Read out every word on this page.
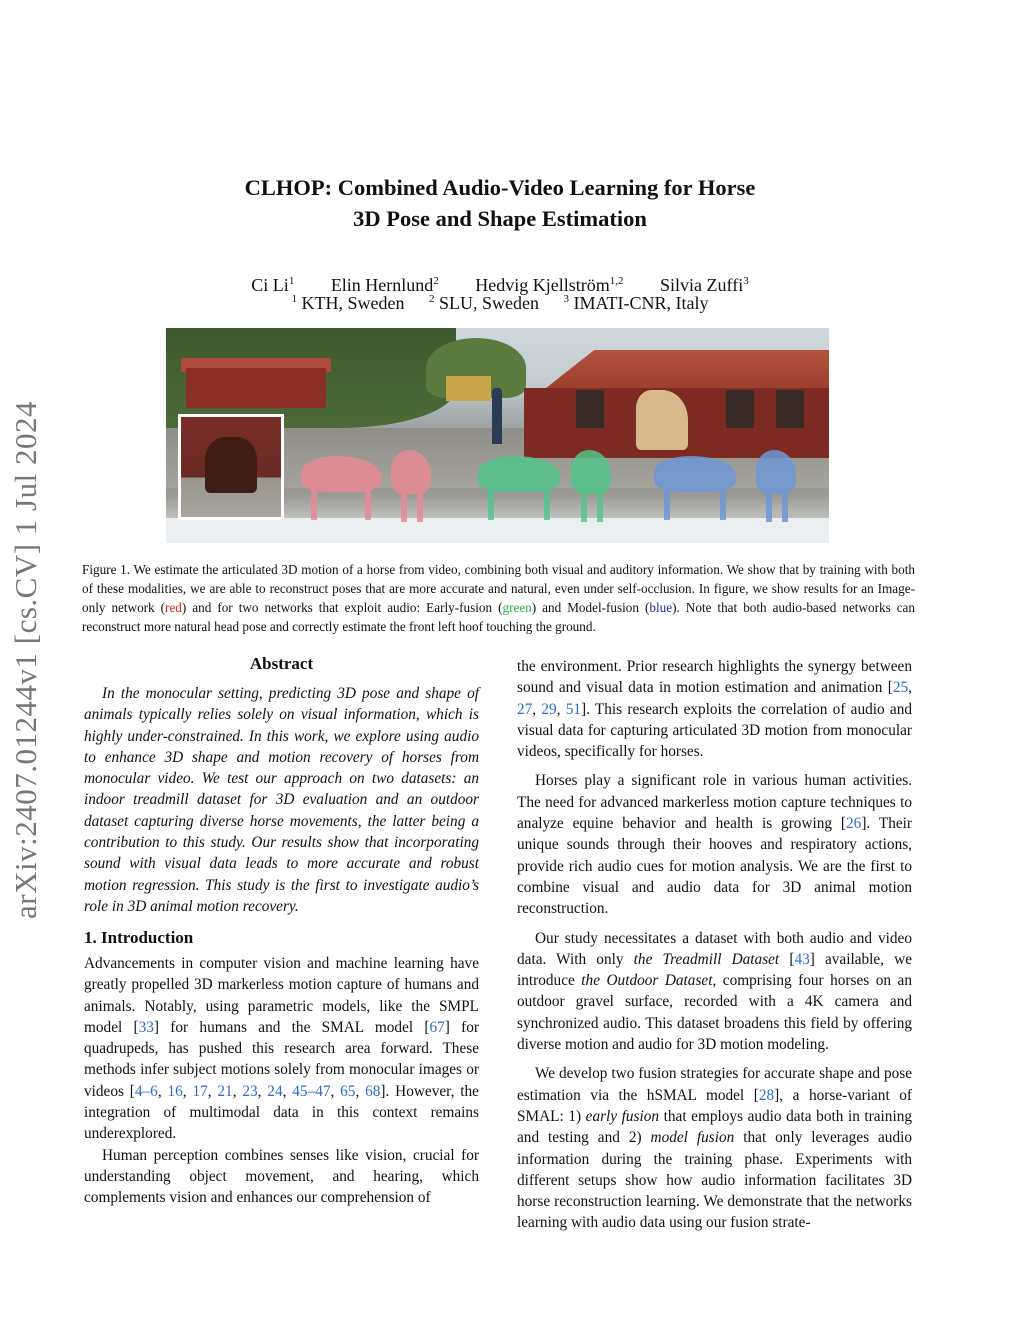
arXiv:2407.01244v1 [cs.CV] 1 Jul 2024
CLHOP: Combined Audio-Video Learning for Horse
3D Pose and Shape Estimation
Ci Li$^1$ Elin Hernlund$^2$ Hedvig Kjellström$^{1,2}$ Silvia Zuffi$^3$
$^1$ KTH, Sweden $^2$ SLU, Sweden $^3$ IMATI-CNR, Italy
Figure 1. We estimate the articulated 3D motion of a horse from video, combining both visual and auditory information. We show that by training with both of these modalities, we are able to reconstruct poses that are more accurate and natural, even under self-occlusion. In figure, we show results for an Image-only network (red) and for two networks that exploit audio: Early-fusion (green) and Model-fusion (blue). Note that both audio-based networks can reconstruct more natural head pose and correctly estimate the front left hoof touching the ground.
Abstract
In the monocular setting, predicting 3D pose and shape of animals typically relies solely on visual information, which is highly under-constrained. In this work, we explore using audio to enhance 3D shape and motion recovery of horses from monocular video. We test our approach on two datasets: an indoor treadmill dataset for 3D evaluation and an outdoor dataset capturing diverse horse movements, the latter being a contribution to this study. Our results show that incorporating sound with visual data leads to more accurate and robust motion regression. This study is the first to investigate audio’s role in 3D animal motion recovery.
1. Introduction

Advancements in computer vision and machine learning have greatly propelled 3D markerless motion capture of humans and animals. Notably, using parametric models, like the SMPL model [33] for humans and the SMAL model [67] for quadrupeds, has pushed this research area forward. These methods infer subject motions solely from monocular images or videos [4–6, 16, 17, 21, 23, 24, 45–47, 65, 68]. However, the integration of multimodal data in this context remains underexplored.

Human perception combines senses like vision, crucial for understanding object movement, and hearing, which complements vision and enhances our comprehension of

the environment. Prior research highlights the synergy between sound and visual data in motion estimation and animation [25, 27, 29, 51]. This research exploits the correlation of audio and visual data for capturing articulated 3D motion from monocular videos, specifically for horses.

Horses play a significant role in various human activities. The need for advanced markerless motion capture techniques to analyze equine behavior and health is growing [26]. Their unique sounds through their hooves and respiratory actions, provide rich audio cues for motion analysis. We are the first to combine visual and audio data for 3D animal motion reconstruction.

Our study necessitates a dataset with both audio and video data. With only the Treadmill Dataset [43] available, we introduce the Outdoor Dataset, comprising four horses on an outdoor gravel surface, recorded with a 4K camera and synchronized audio. This dataset broadens this field by offering diverse motion and audio for 3D motion modeling.

We develop two fusion strategies for accurate shape and pose estimation via the hSMAL model [28], a horse-variant of SMAL: 1) early fusion that employs audio data both in training and testing and 2) model fusion that only leverages audio information during the training phase. Experiments with different setups show how audio information facilitates 3D horse reconstruction learning. We demonstrate that the networks learning with audio data using our fusion strate-
